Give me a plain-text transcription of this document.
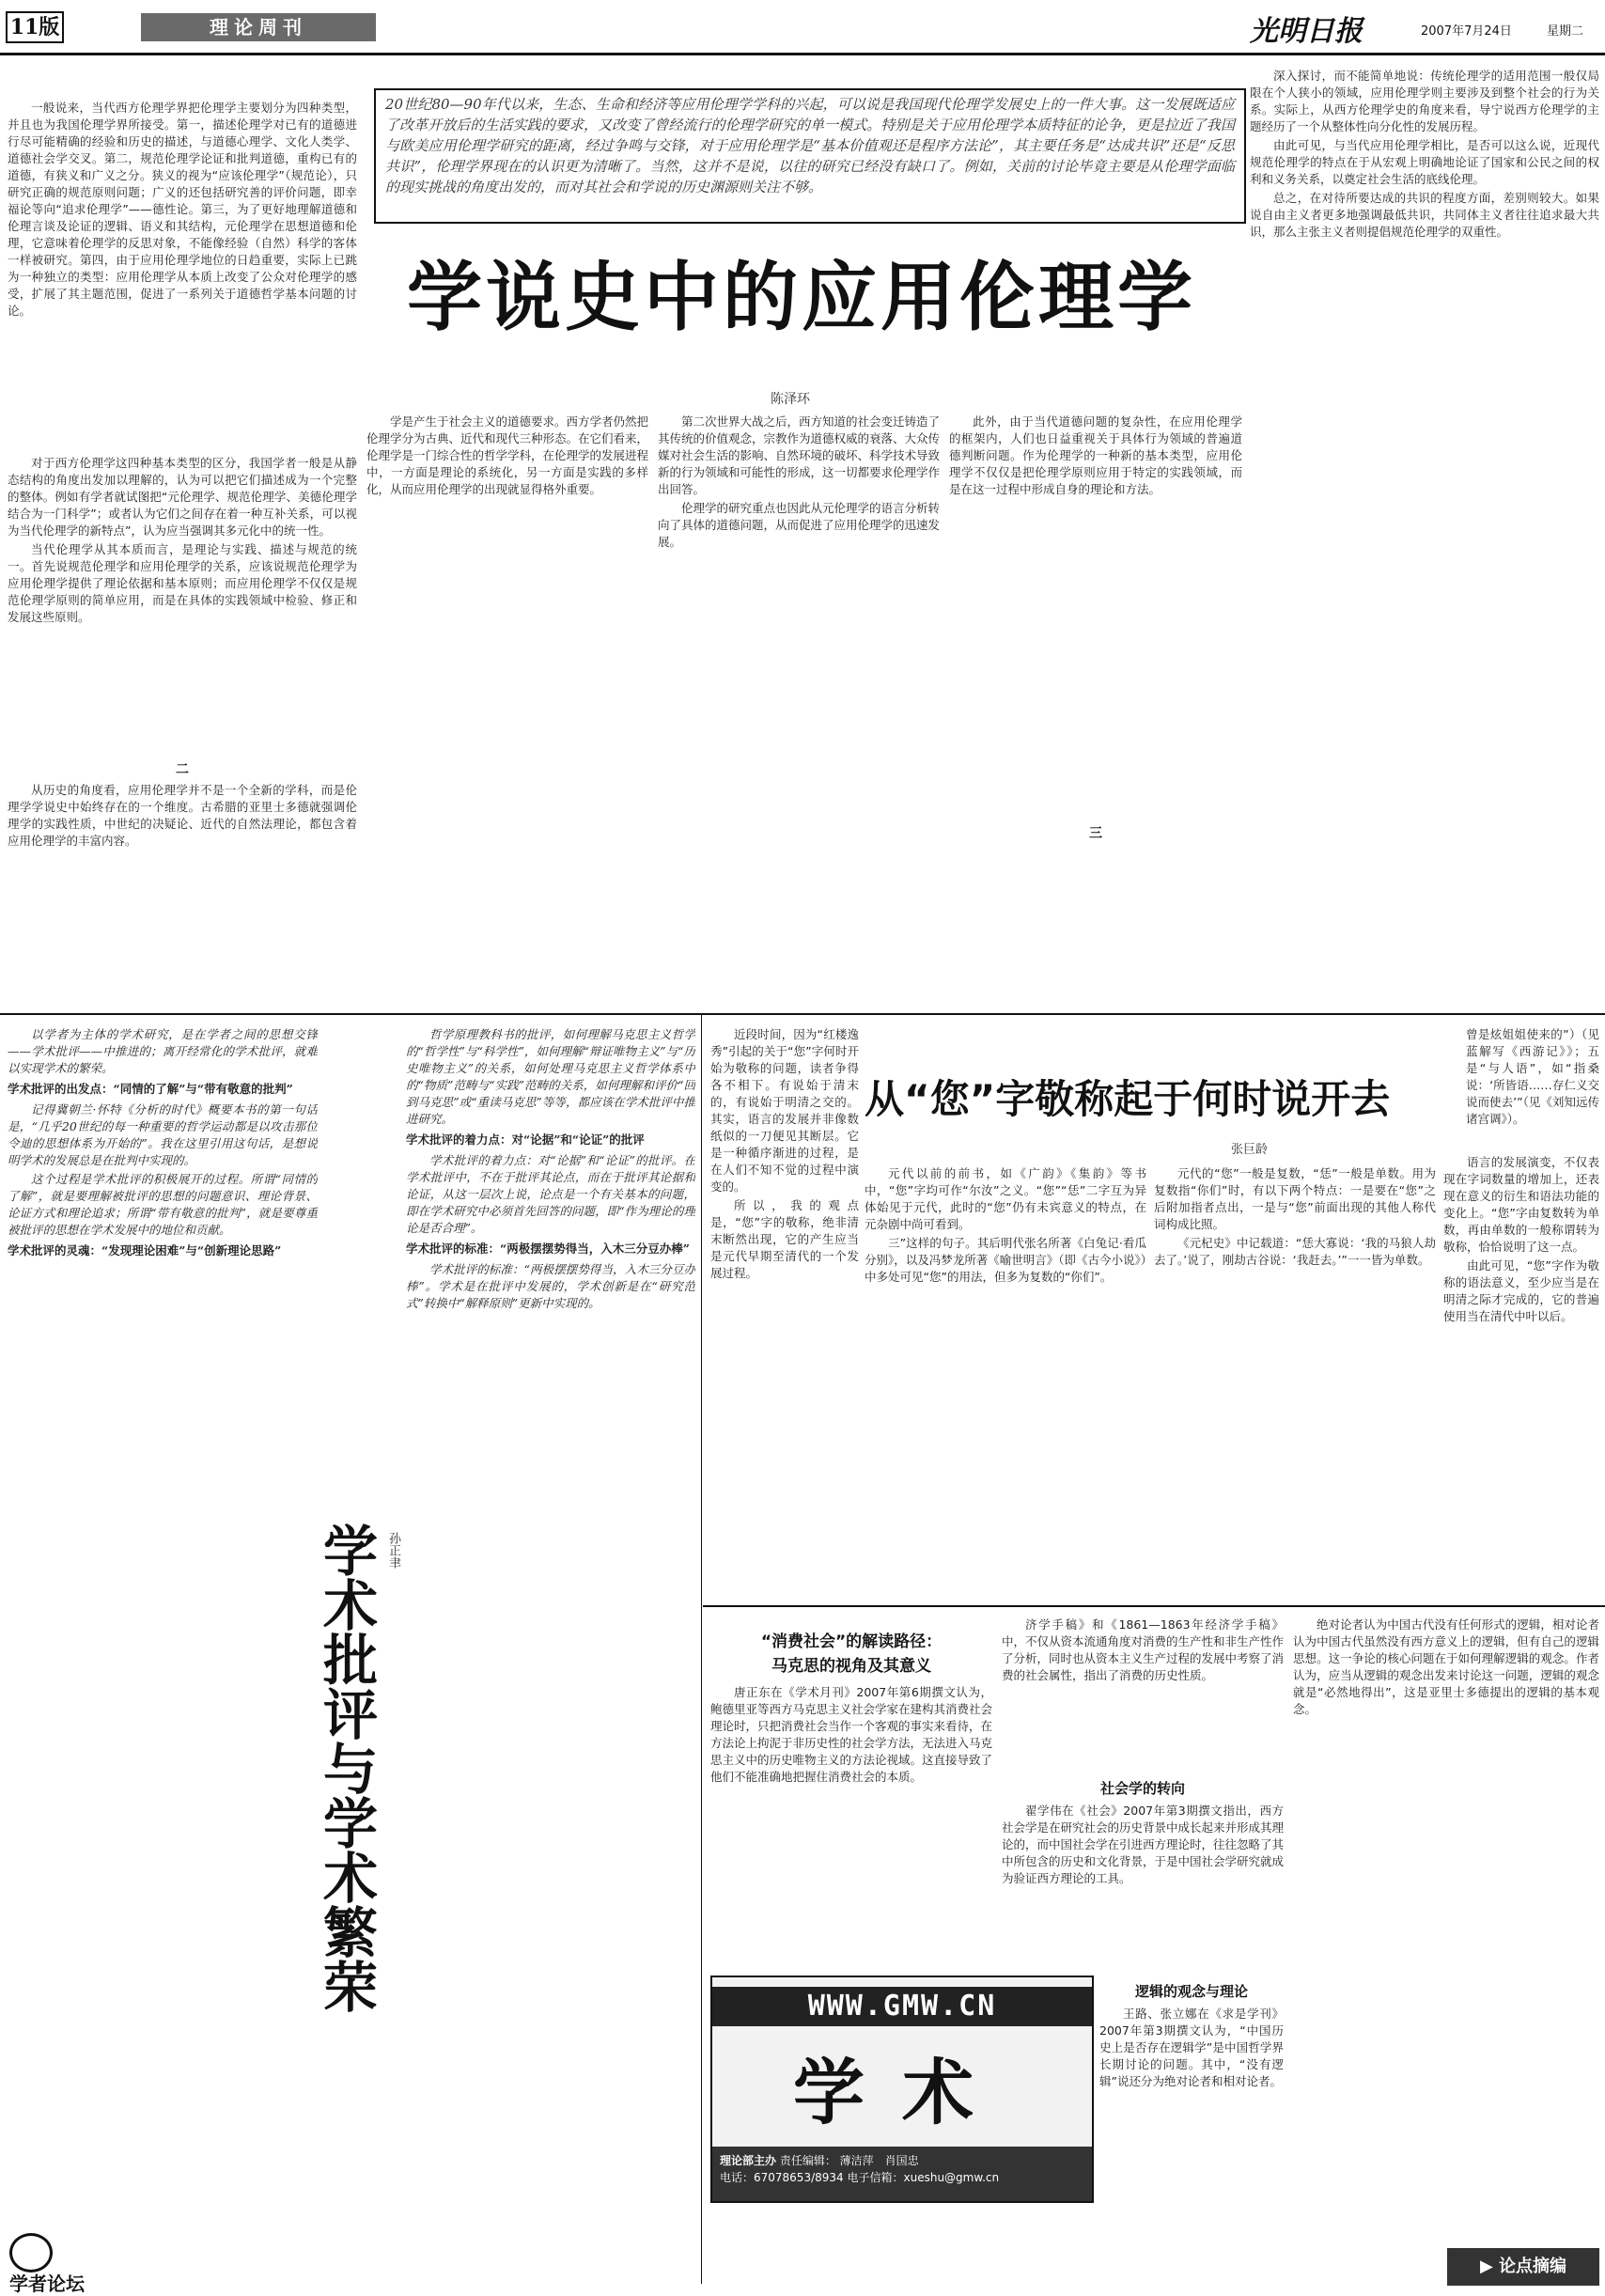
11版	理论周刊	光明日报	2007年7月24日	星期二

一般说来，当代西方伦理学界把伦理学主要划分为四种类型，并且也为我国伦理学界所接受。第一，描述伦理学对已有的道德进行尽可能精确的经验和历史的描述，与道德心理学、文化人类学、道德社会学交叉。第二，规范伦理学论证和批判道德，重构已有的道德，有狭义和广义之分。狭义的视为“应该伦理学”（规范论），只研究正确的规范原则问题；广义的还包括研究善的评价问题，即幸福论等向“追求伦理学”——德性论。第三，为了更好地理解道德和伦理言谈及论证的逻辑、语义和其结构，元伦理学在思想道德和伦理，它意味着伦理学的反思对象，不能像经验（自然）科学的客体一样被研究。第四，由于应用伦理学地位的日趋重要，实际上已跳为一种独立的类型：应用伦理学从本质上改变了公众对伦理学的感受，扩展了其主题范围，促进了一系列关于道德哲学基本问题的讨论。

20世纪80—90年代以来，生态、生命和经济等应用伦理学学科的兴起，可以说是我国现代伦理学发展史上的一件大事。这一发展既适应了改革开放后的生活实践的要求，又改变了曾经流行的伦理学研究的单一模式。特别是关于应用伦理学本质特征的论争，更是拉近了我国与欧美应用伦理学研究的距离，经过争鸣与交锋，对于应用伦理学是“基本价值观还是程序方法论”，其主要任务是“达成共识”还是“反思共识”，伦理学界现在的认识更为清晰了。当然，这并不是说，以往的研究已经没有缺口了。例如，关前的讨论毕竟主要是从伦理学面临的现实挑战的角度出发的，而对其社会和学说的历史渊源则关注不够。
学说史中的应用伦理学
陈泽环

深入探讨，而不能简单地说：传统伦理学的适用范围一般仅局限在个人狭小的领域，应用伦理学则主要涉及到整个社会的行为关系。实际上，从西方伦理学史的角度来看，导宁说西方伦理学的主题经历了一个从整体性向分化性的发展历程。

由此可见，与当代应用伦理学相比，是否可以这么说，近现代规范伦理学的特点在于从宏观上明确地论证了国家和公民之间的权利和义务关系，以奠定社会生活的底线伦理。

总之，在对待所要达成的共识的程度方面，差别则较大。如果说自由主义者更多地强调最低共识，共同体主义者往往追求最大共识，那么主张主义者则提倡规范伦理学的双重性。

对于西方伦理学这四种基本类型的区分，我国学者一般是从静态结构的角度出发加以理解的，认为可以把它们描述成为一个完整的整体。例如有学者就试图把“元伦理学、规范伦理学、美德伦理学结合为一门科学”；或者认为它们之间存在着一种互补关系，可以视为当代伦理学的新特点”，认为应当强调其多元化中的统一性。

当代伦理学从其本质而言，是理论与实践、描述与规范的统一。首先说规范伦理学和应用伦理学的关系，应该说规范伦理学为应用伦理学提供了理论依据和基本原则；而应用伦理学不仅仅是规范伦理学原则的简单应用，而是在具体的实践领域中检验、修正和发展这些原则。

二

从历史的角度看，应用伦理学并不是一个全新的学科，而是伦理学学说史中始终存在的一个维度。古希腊的亚里士多德就强调伦理学的实践性质，中世纪的决疑论、近代的自然法理论，都包含着应用伦理学的丰富内容。

学是产生于社会主义的道德要求。西方学者仍然把伦理学分为古典、近代和现代三种形态。在它们看来，伦理学是一门综合性的哲学学科，在伦理学的发展进程中，一方面是理论的系统化，另一方面是实践的多样化，从而应用伦理学的出现就显得格外重要。

第二次世界大战之后，西方知道的社会变迁铸造了其传统的价值观念，宗教作为道德权威的衰落、大众传媒对社会生活的影响、自然环境的破坏、科学技术导致新的行为领域和可能性的形成，这一切都要求伦理学作出回答。

伦理学的研究重点也因此从元伦理学的语言分析转向了具体的道德问题，从而促进了应用伦理学的迅速发展。

此外，由于当代道德问题的复杂性，在应用伦理学的框架内，人们也日益重视关于具体行为领域的普遍道德判断问题。作为伦理学的一种新的基本类型，应用伦理学不仅仅是把伦理学原则应用于特定的实践领域，而是在这一过程中形成自身的理论和方法。

三

以学者为主体的学术研究，是在学者之间的思想交锋——学术批评——中推进的；离开经常化的学术批评，就难以实现学术的繁荣。

学术批评的出发点：“同情的了解”与“带有敬意的批判”

记得冀朝兰·怀特《分析的时代》概要本书的第一句话是，“几乎20世纪的每一种重要的哲学运动都是以攻击那位令迪的思想体系为开始的”。我在这里引用这句话，是想说明学术的发展总是在批判中实现的。

这个过程是学术批评的积极展开的过程。所谓“同情的了解”，就是要理解被批评的思想的问题意识、理论背景、论证方式和理论追求；所谓“带有敬意的批判”，就是要尊重被批评的思想在学术发展中的地位和贡献。

学术批评的灵魂：“发现理论困难”与“创新理论思路”
学术批评与学术繁荣 孙正聿

哲学原理教科书的批评，如何理解马克思主义哲学的“哲学性”与“科学性”，如何理解“辩证唯物主义”与“历史唯物主义”的关系，如何处理马克思主义哲学体系中的“物质”范畴与“实践”范畴的关系，如何理解和评价“回到马克思”或“重读马克思”等等，都应该在学术批评中推进研究。

学术批评的着力点：对“论据”和“论证”的批评

学术批评的着力点：对“论据”和“论证”的批评。在学术批评中，不在于批评其论点，而在于批评其论据和论证，从这一层次上说，论点是一个有关基本的问题，即在学术研究中必须首先回答的问题，即“作为理论的理论是否合理”。

学术批评的标准：“两极摆摆势得当，入木三分豆办棒”

学术批评的标准：“两极摆摆势得当，入木三分豆办棒”。学术是在批评中发展的，学术创新是在“研究范式”转换中“解释原则”更新中实现的。

近段时间，因为“红楼逸秀”引起的关于“您”字何时开始为敬称的问题，读者争得各不相下。有说始于清末的，有说始于明清之交的。其实，语言的发展并非像数纸似的一刀便见其断层。它是一种循序渐进的过程，是在人们不知不觉的过程中演变的。

所以，我的观点是，“您”字的敬称，绝非清末断然出现，它的产生应当是元代早期至清代的一个发展过程。

从“您”字敬称起于何时说开去
张巨龄
曾是炫姐姐使来的”）（见蓝解写《西游记》》；五是“与人语”，如“指桑说：‘所皆语……存仁义交说而使去’”（见《刘知远传诸宫调》）。

元代以前的前书，如《广韵》《集韵》等书中，“您”字均可作“尔汝”之义。“您”“恁”二字互为异体始见于元代，此时的“您”仍有未宾意义的特点，在元杂剧中尚可看到。

三”这样的句子。其后明代张名所著《白兔记·看瓜分别》，以及冯梦龙所著《喻世明言》（即《古今小说》）中多处可见“您”的用法，但多为复数的“你们”。

元代的“您”一般是复数，“恁”一般是单数。用为复数指“你们”时，有以下两个特点：一是要在“您”之后附加指者点出，一是与“您”前面出现的其他人称代词构成比照。

《元杞史》中记载道：“恁大寡说：‘我的马狼人劫去了。’说了，刚劫古谷说：‘我赶去。’”一一皆为单数。

语言的发展演变，不仅表现在字词数量的增加上，还表现在意义的衍生和语法功能的变化上。“您”字由复数转为单数，再由单数的一般称谓转为敬称，恰恰说明了这一点。

由此可见，“您”字作为敬称的语法意义，至少应当是在明清之际才完成的，它的普遍使用当在清代中叶以后。

“消费社会”的解读路径：
马克思的视角及其意义
唐正东在《学术月刊》2007年第6期撰文认为，鲍德里亚等西方马克思主义社会学家在建构其消费社会理论时，只把消费社会当作一个客观的事实来看待，在方法论上拘泥于非历史性的社会学方法，无法进入马克思主义中的历史唯物主义的方法论视域。这直接导致了他们不能准确地把握住消费社会的本质。
济学手稿》和《1861—1863年经济学手稿》中，不仅从资本流通角度对消费的生产性和非生产性作了分析，同时也从资本主义生产过程的发展中考察了消费的社会属性，指出了消费的历史性质。
社会学的转向
翟学伟在《社会》2007年第3期撰文指出，西方社会学是在研究社会的历史背景中成长起来并形成其理论的，而中国社会学在引进西方理论时，往往忽略了其中所包含的历史和文化背景，于是中国社会学研究就成为验证西方理论的工具。
逻辑的观念与理论
王路、张立娜在《求是学刊》2007年第3期撰文认为，“中国历史上是否存在逻辑学”是中国哲学界长期讨论的问题。其中，“没有逻辑”说还分为绝对论者和相对论者。
绝对论者认为中国古代没有任何形式的逻辑，相对论者认为中国古代虽然没有西方意义上的逻辑，但有自己的逻辑思想。这一争论的核心问题在于如何理解逻辑的观念。作者认为，应当从逻辑的观念出发来讨论这一问题，逻辑的观念就是“必然地得出”，这是亚里士多德提出的逻辑的基本观念。
WWW.GMW.CN
学术
理论部主办 责任编辑： 薄洁萍　肖国忠
电话：67078653/8934 电子信箱：xueshu@gmw.cn
学者论坛
▶ 论点摘编
